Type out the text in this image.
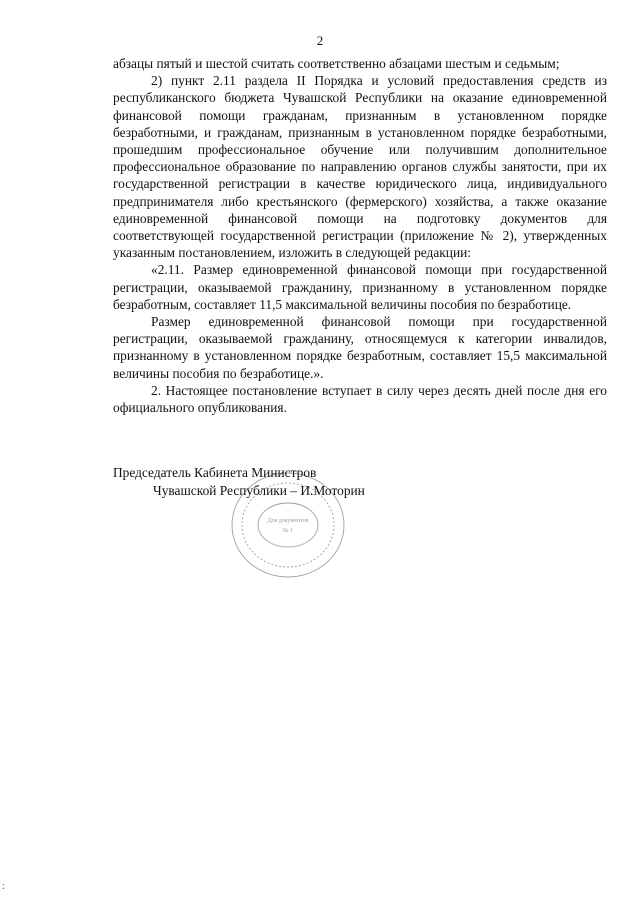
2

абзацы пятый и шестой считать соответственно абзацами шестым и седьмым;

2) пункт 2.11 раздела II Порядка и условий предоставления средств из республиканского бюджета Чувашской Республики на оказание единовременной финансовой помощи гражданам, признанным в установленном порядке безработными, и гражданам, признанным в установленном порядке безработными, прошедшим профессиональное обучение или получившим дополнительное профессиональное образование по направлению органов службы занятости, при их государственной регистрации в качестве юридического лица, индивидуального предпринимателя либо крестьянского (фермерского) хозяйства, а также оказание единовременной финансовой помощи на подготовку документов для соответствующей государственной регистрации (приложение № 2), утвержденных указанным постановлением, изложить в следующей редакции:

«2.11. Размер единовременной финансовой помощи при государственной регистрации, оказываемой гражданину, признанному в установленном порядке безработным, составляет 11,5 максимальной величины пособия по безработице.

Размер единовременной финансовой помощи при государственной регистрации, оказываемой гражданину, относящемуся к категории инвалидов, признанному в установленном порядке безработным, составляет 15,5 максимальной величины пособия по безработице.».

2. Настоящее постановление вступает в силу через десять дней после дня его официального опубликования.

Для документов
№ 1
Председатель Кабинета Министров
Чувашской Республики – И.Моторин
:
